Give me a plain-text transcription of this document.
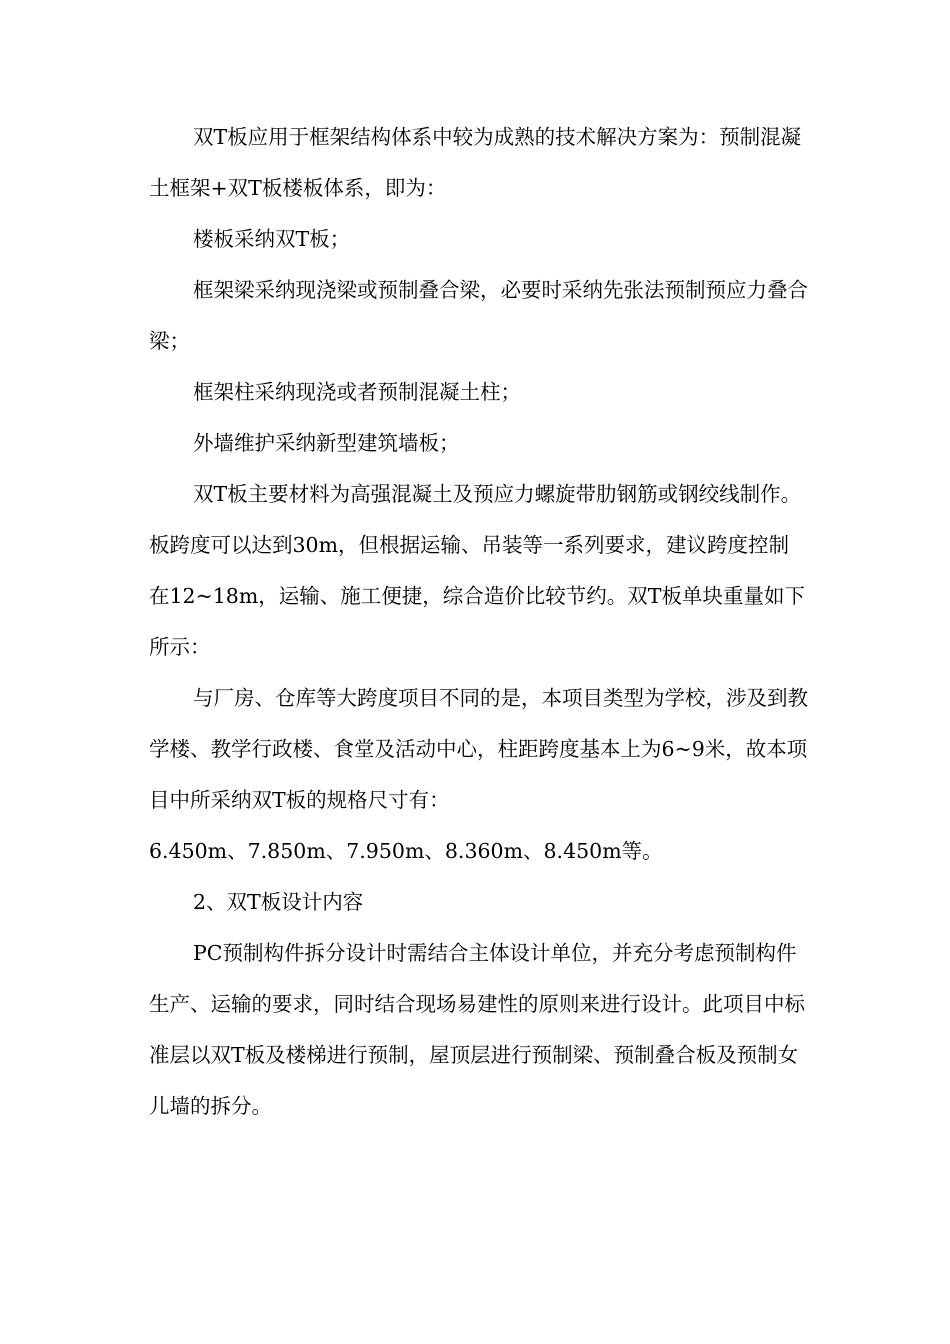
双T板应用于框架结构体系中较为成熟的技术解决方案为：预制混凝土框架+双T板楼板体系，即为：

楼板采纳双T板；

框架梁采纳现浇梁或预制叠合梁，必要时采纳先张法预制预应力叠合梁；

框架柱采纳现浇或者预制混凝土柱；

外墙维护采纳新型建筑墙板；

双T板主要材料为高强混凝土及预应力螺旋带肋钢筋或钢绞线制作。板跨度可以达到30m，但根据运输、吊装等一系列要求，建议跨度控制在12~18m，运输、施工便捷，综合造价比较节约。双T板单块重量如下所示：

与厂房、仓库等大跨度项目不同的是，本项目类型为学校，涉及到教学楼、教学行政楼、食堂及活动中心，柱距跨度基本上为6~9米，故本项目中所采纳双T板的规格尺寸有：

6.450m、7.850m、7.950m、8.360m、8.450m等。

2、双T板设计内容

PC预制构件拆分设计时需结合主体设计单位，并充分考虑预制构件生产、运输的要求，同时结合现场易建性的原则来进行设计。此项目中标准层以双T板及楼梯进行预制，屋顶层进行预制梁、预制叠合板及预制女儿墙的拆分。
